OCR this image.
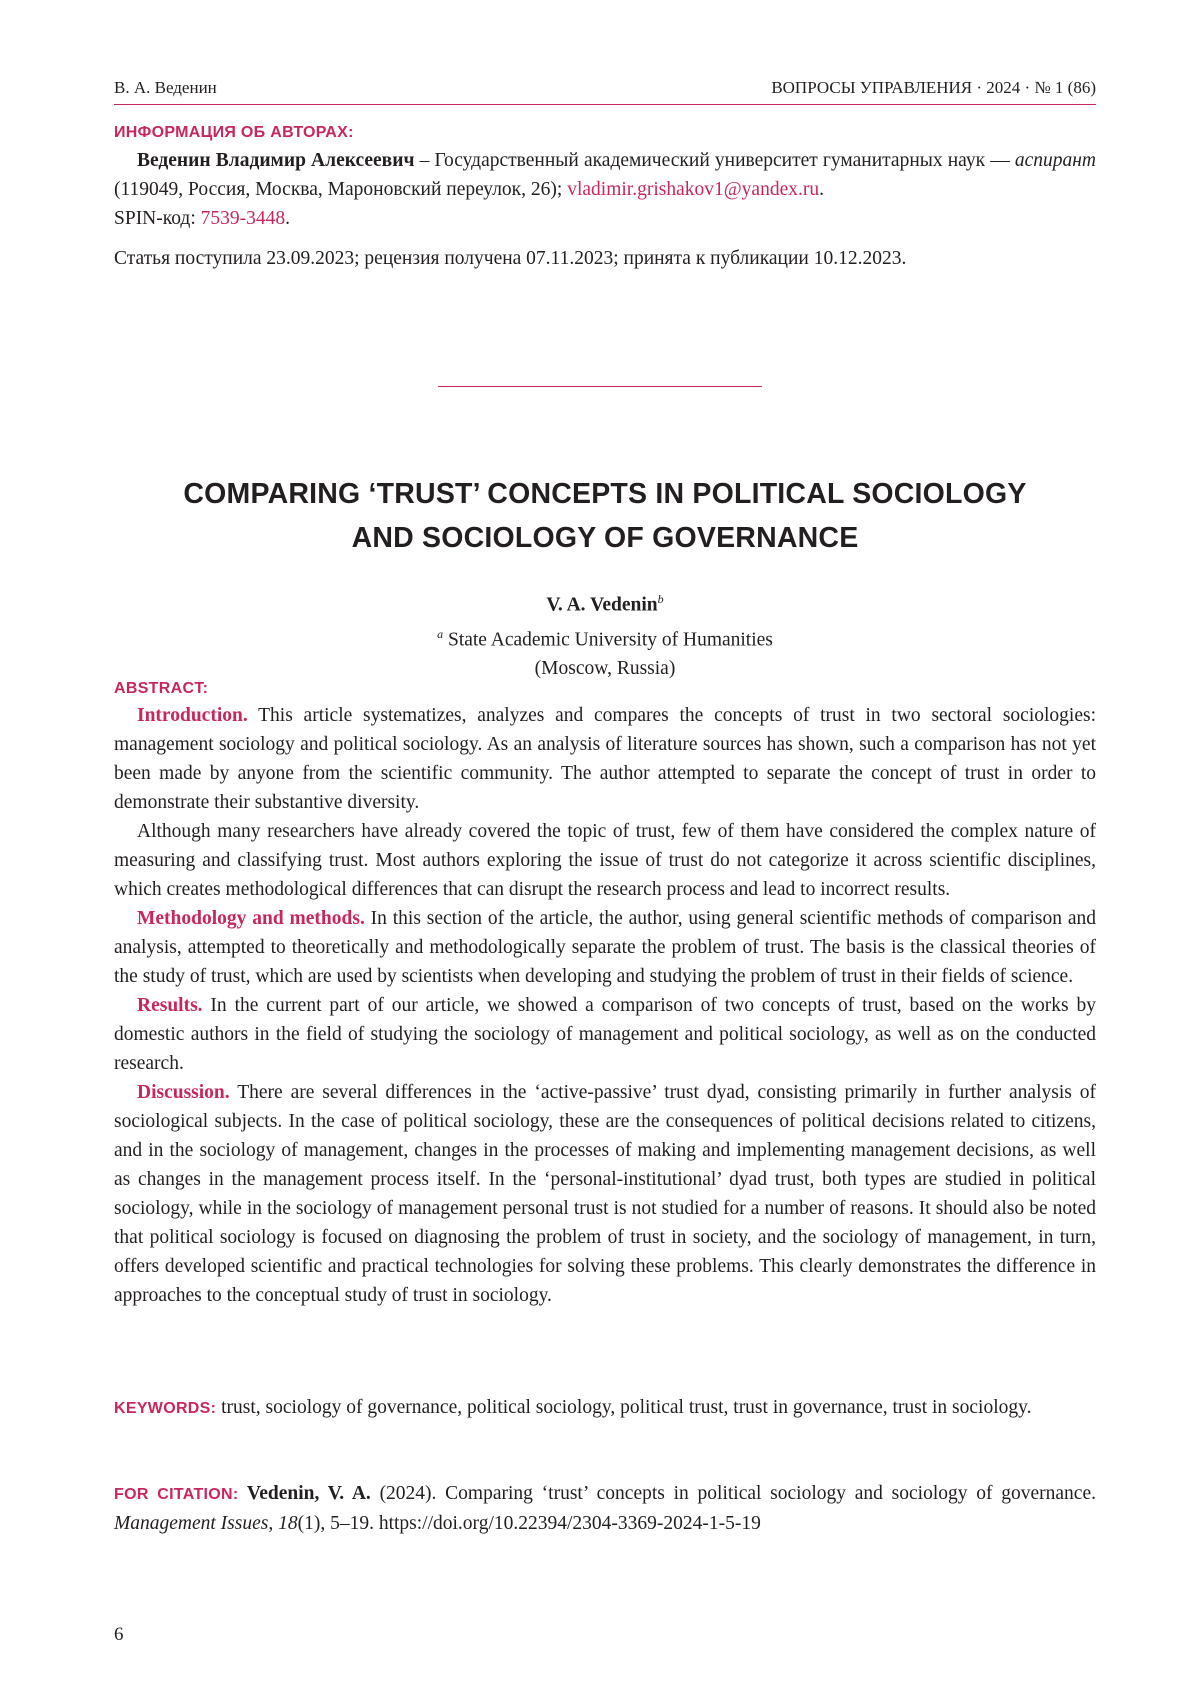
В. А. Веденин	ВОПРОСЫ УПРАВЛЕНИЯ · 2024 · № 1 (86)
ИНФОРМАЦИЯ ОБ АВТОРАХ:
Веденин Владимир Алексеевич – Государственный академический университет гуманитарных наук — аспирант (119049, Россия, Москва, Мароновский переулок, 26); vladimir.grishakov1@yandex.ru.
SPIN-код: 7539-3448.
Статья поступила 23.09.2023; рецензия получена 07.11.2023; принята к публикации 10.12.2023.
COMPARING ‘TRUST’ CONCEPTS IN POLITICAL SOCIOLOGY
AND SOCIOLOGY OF GOVERNANCE
V. A. Vedenin$^b$
$^a$ State Academic University of Humanities
(Moscow, Russia)
ABSTRACT:
Introduction. This article systematizes, analyzes and compares the concepts of trust in two sectoral sociologies: management sociology and political sociology. As an analysis of literature sources has shown, such a comparison has not yet been made by anyone from the scientific community. The author attempted to separate the concept of trust in order to demonstrate their substantive diversity.
Although many researchers have already covered the topic of trust, few of them have considered the complex nature of measuring and classifying trust. Most authors exploring the issue of trust do not categorize it across scientific disciplines, which creates methodological differences that can disrupt the research process and lead to incorrect results.
Methodology and methods. In this section of the article, the author, using general scientific methods of comparison and analysis, attempted to theoretically and methodologically separate the problem of trust. The basis is the classical theories of the study of trust, which are used by scientists when developing and studying the problem of trust in their fields of science.
Results. In the current part of our article, we showed a comparison of two concepts of trust, based on the works by domestic authors in the field of studying the sociology of management and political sociology, as well as on the conducted research.
Discussion. There are several differences in the ‘active-passive’ trust dyad, consisting primarily in further analysis of sociological subjects. In the case of political sociology, these are the consequences of political decisions related to citizens, and in the sociology of management, changes in the processes of making and implementing management decisions, as well as changes in the management process itself. In the ‘personal-institutional’ dyad trust, both types are studied in political sociology, while in the sociology of management personal trust is not studied for a number of reasons. It should also be noted that political sociology is focused on diagnosing the problem of trust in society, and the sociology of management, in turn, offers developed scientific and practical technologies for solving these problems. This clearly demonstrates the difference in approaches to the conceptual study of trust in sociology.
KEYWORDS: trust, sociology of governance, political sociology, political trust, trust in governance, trust in sociology.
FOR CITATION: Vedenin, V. A. (2024). Comparing ‘trust’ concepts in political sociology and sociology of governance. Management Issues, 18(1), 5–19. https://doi.org/10.22394/2304-3369-2024-1-5-19
6
